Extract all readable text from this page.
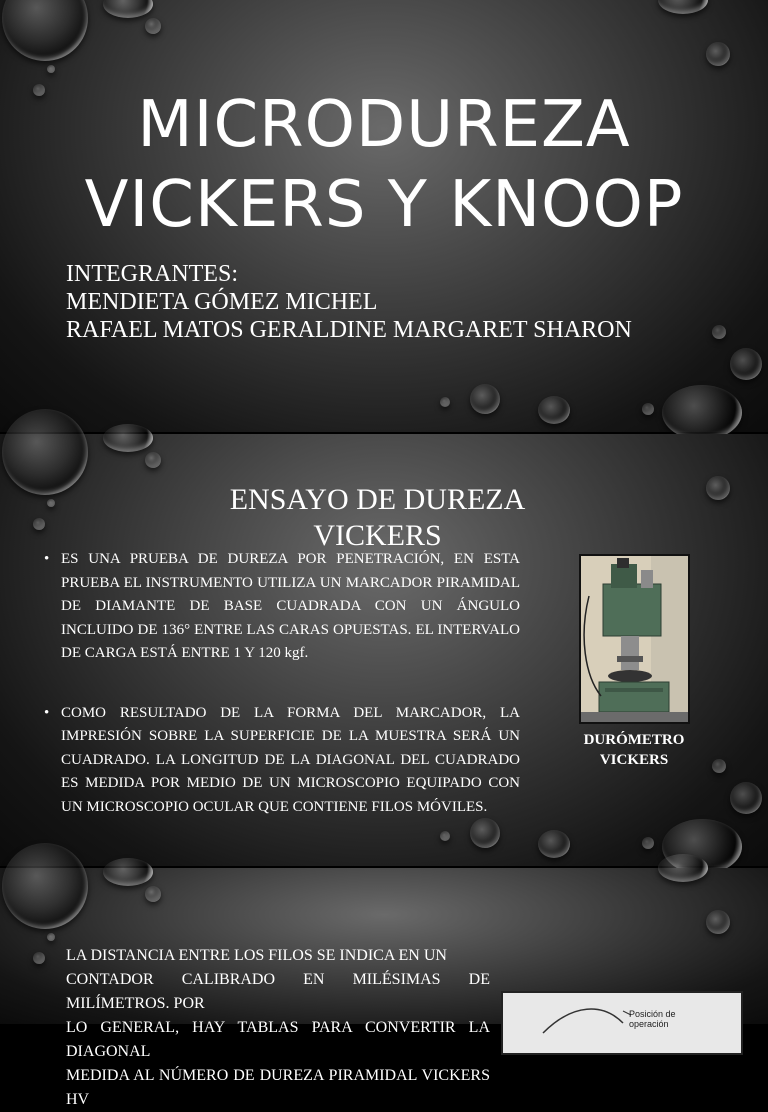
MICRODUREZA
VICKERS Y KNOOP
INTEGRANTES:
MENDIETA GÓMEZ MICHEL
RAFAEL MATOS GERALDINE MARGARET SHARON
ENSAYO DE DUREZA VICKERS

• ES UNA PRUEBA DE DUREZA POR PENETRACIÓN, EN ESTA PRUEBA EL INSTRUMENTO UTILIZA UN MARCADOR PIRAMIDAL DE DIAMANTE DE BASE CUADRADA CON UN ÁNGULO INCLUIDO DE 136° ENTRE LAS CARAS OPUESTAS. EL INTERVALO DE CARGA ESTÁ ENTRE 1 Y 120 kgf.

• COMO RESULTADO DE LA FORMA DEL MARCADOR, LA IMPRESIÓN SOBRE LA SUPERFICIE DE LA MUESTRA SERÁ UN CUADRADO. LA LONGITUD DE LA DIAGONAL DEL CUADRADO ES MEDIDA POR MEDIO DE UN MICROSCOPIO EQUIPADO CON UN MICROSCOPIO OCULAR QUE CONTIENE FILOS MÓVILES.

DURÓMETRO VICKERS
LA DISTANCIA ENTRE LOS FILOS SE INDICA EN UN
CONTADOR CALIBRADO EN MILÉSIMAS DE MILÍMETROS. POR
LO GENERAL, HAY TABLAS PARA CONVERTIR LA DIAGONAL
MEDIDA AL NÚMERO DE DUREZA PIRAMIDAL VICKERS HV
Posición de
operación
